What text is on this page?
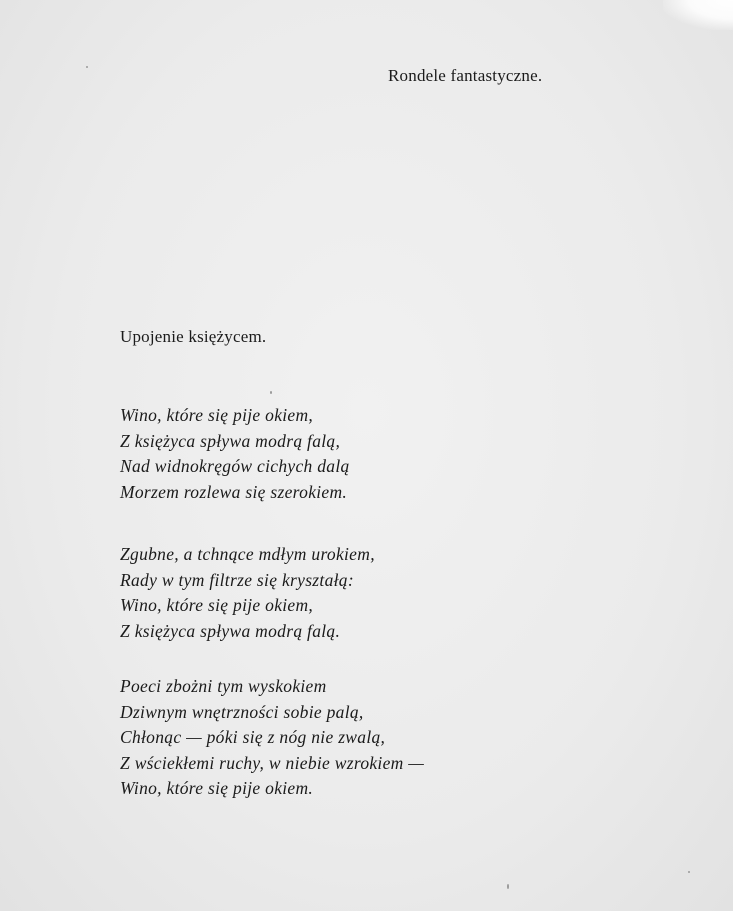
Rondele fantastyczne.
Upojenie księżycem.
Wino, które się pije okiem,
Z księżyca spływa modrą falą,
Nad widnokręgów cichych dalą
Morzem rozlewa się szerokiem.
Zgubne, a tchnące mdłym urokiem,
Rady w tym filtrze się kryształą:
Wino, które się pije okiem,
Z księżyca spływa modrą falą.
Poeci zbożni tym wyskokiem
Dziwnym wnętrzności sobie palą,
Chłonąc — póki się z nóg nie zwalą,
Z wściekłemi ruchy, w niebie wzrokiem —
Wino, które się pije okiem.
